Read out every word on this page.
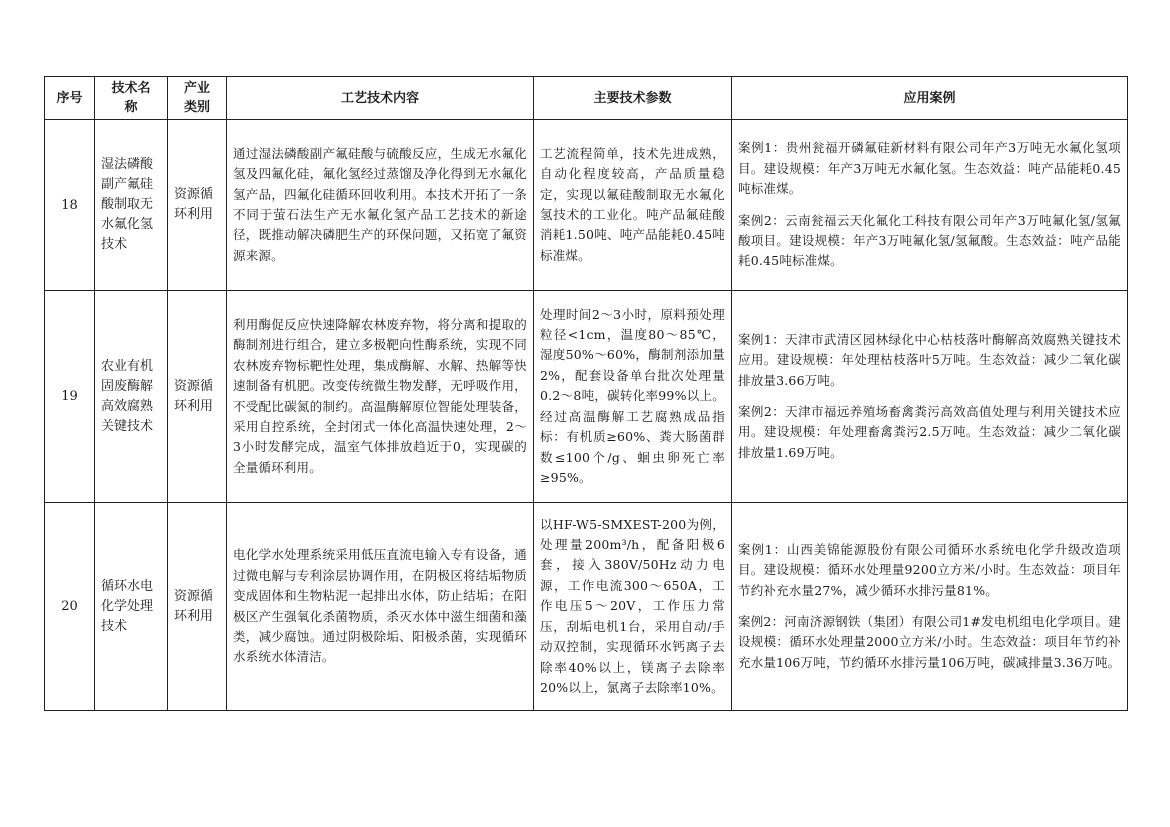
序号	技术名称	产业类别	工艺技术内容	主要技术参数	应用案例
18	湿法磷酸副产氟硅酸制取无水氟化氢技术	资源循环利用	通过湿法磷酸副产氟硅酸与硫酸反应，生成无水氟化氢及四氟化硅，氟化氢经过蒸馏及净化得到无水氟化氢产品，四氟化硅循环回收利用。本技术开拓了一条不同于萤石法生产无水氟化氢产品工艺技术的新途径，既推动解决磷肥生产的环保问题，又拓宽了氟资源来源。	工艺流程简单，技术先进成熟，自动化程度较高，产品质量稳定，实现以氟硅酸制取无水氟化氢技术的工业化。吨产品氟硅酸消耗1.50吨、吨产品能耗0.45吨标准煤。	案例1：贵州瓮福开磷氟硅新材料有限公司年产3万吨无水氟化氢项目。建设规模：年产3万吨无水氟化氢。生态效益：吨产品能耗0.45吨标准煤。

案例2：云南瓮福云天化氟化工科技有限公司年产3万吨氟化氢/氢氟酸项目。建设规模：年产3万吨氟化氢/氢氟酸。生态效益：吨产品能耗0.45吨标准煤。

19	农业有机固废酶解高效腐熟关键技术	资源循环利用	利用酶促反应快速降解农林废弃物，将分离和提取的酶制剂进行组合，建立多极靶向性酶系统，实现不同农林废弃物标靶性处理，集成酶解、水解、热解等快速制备有机肥。改变传统微生物发酵，无呼吸作用，不受配比碳氮的制约。高温酶解原位智能处理装备，采用自控系统，全封闭式一体化高温快速处理，2～3小时发酵完成，温室气体排放趋近于0，实现碳的全量循环利用。	处理时间2～3小时，原料预处理粒径<1cm，温度80～85℃，湿度50%～60%，酶制剂添加量2%，配套设备单台批次处理量0.2～8吨，碳转化率99%以上。经过高温酶解工艺腐熟成品指标：有机质≥60%、粪大肠菌群数≤100个/g、蛔虫卵死亡率≥95%。	案例1：天津市武清区园林绿化中心枯枝落叶酶解高效腐熟关键技术应用。建设规模：年处理枯枝落叶5万吨。生态效益：减少二氧化碳排放量3.66万吨。

案例2：天津市福远养殖场畜禽粪污高效高值处理与利用关键技术应用。建设规模：年处理畜禽粪污2.5万吨。生态效益：减少二氧化碳排放量1.69万吨。

20	循环水电化学处理技术	资源循环利用	电化学水处理系统采用低压直流电输入专有设备，通过微电解与专利涂层协调作用，在阴极区将结垢物质变成固体和生物粘泥一起排出水体，防止结垢；在阳极区产生强氧化杀菌物质，杀灭水体中滋生细菌和藻类，减少腐蚀。通过阴极除垢、阳极杀菌，实现循环水系统水体清洁。	以HF-W5-SMXEST-200为例，处理量200m³/h，配备阳极6套，接入380V/50Hz动力电源，工作电流300～650A，工作电压5～20V，工作压力常压，刮垢电机1台，采用自动/手动双控制，实现循环水钙离子去除率40%以上，镁离子去除率20%以上，氯离子去除率10%。	案例1：山西美锦能源股份有限公司循环水系统电化学升级改造项目。建设规模：循环水处理量9200立方米/小时。生态效益：项目年节约补充水量27%，减少循环水排污量81%。

案例2：河南济源钢铁（集团）有限公司1#发电机组电化学项目。建设规模：循环水处理量2000立方米/小时。生态效益：项目年节约补充水量106万吨，节约循环水排污量106万吨，碳减排量3.36万吨。
